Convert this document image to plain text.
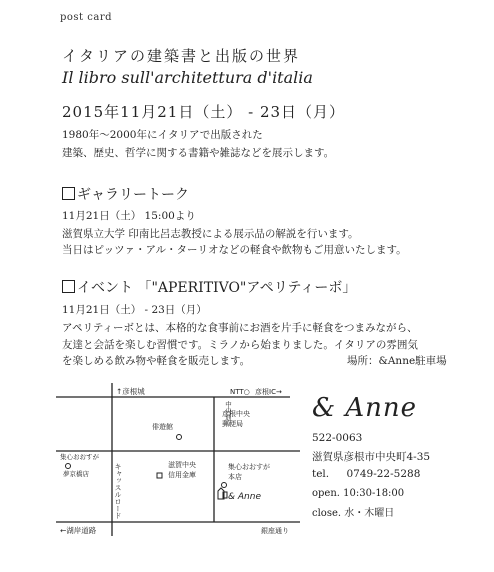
post card
イタリアの建築書と出版の世界
Il libro sull'architettura d'italia
2015年11月21日（土） - 23日（月）
1980年～2000年にイタリアで出版された
建築、歴史、哲学に関する書籍や雑誌などを展示します。
ギャラリートーク
11月21日（土） 15:00より
滋賀県立大学 印南比呂志教授による展示品の解説を行います。
当日はピッツァ・アル・ターリオなどの軽食や飲物もご用意いたします。
イベント 「"APERITIVO"アペリティーボ」
11月21日（土） - 23日（月）
アペリティーボとは、本格的な食事前にお酒を片手に軽食をつまみながら、
友達と会話を楽しむ習慣です。ミラノから始まりました。イタリアの雰囲気
を楽しめる飲み物や軽食を販売します。	場所：&Anne駐車場
↑彦根城	NTT○ 彦根IC→
中央通り
彦根中央
郵便局
俳遊館
集心おおすが
夢京橋店	キャッスルロード	滋賀中央
信用金庫
集心おおすが
本店
& Anne
←湖岸道路	銀座通り
& Anne
522-0063
滋賀県彦根市中央町4-35
tel. 0749-22-5288
open. 10:30-18:00
close. 水・木曜日
